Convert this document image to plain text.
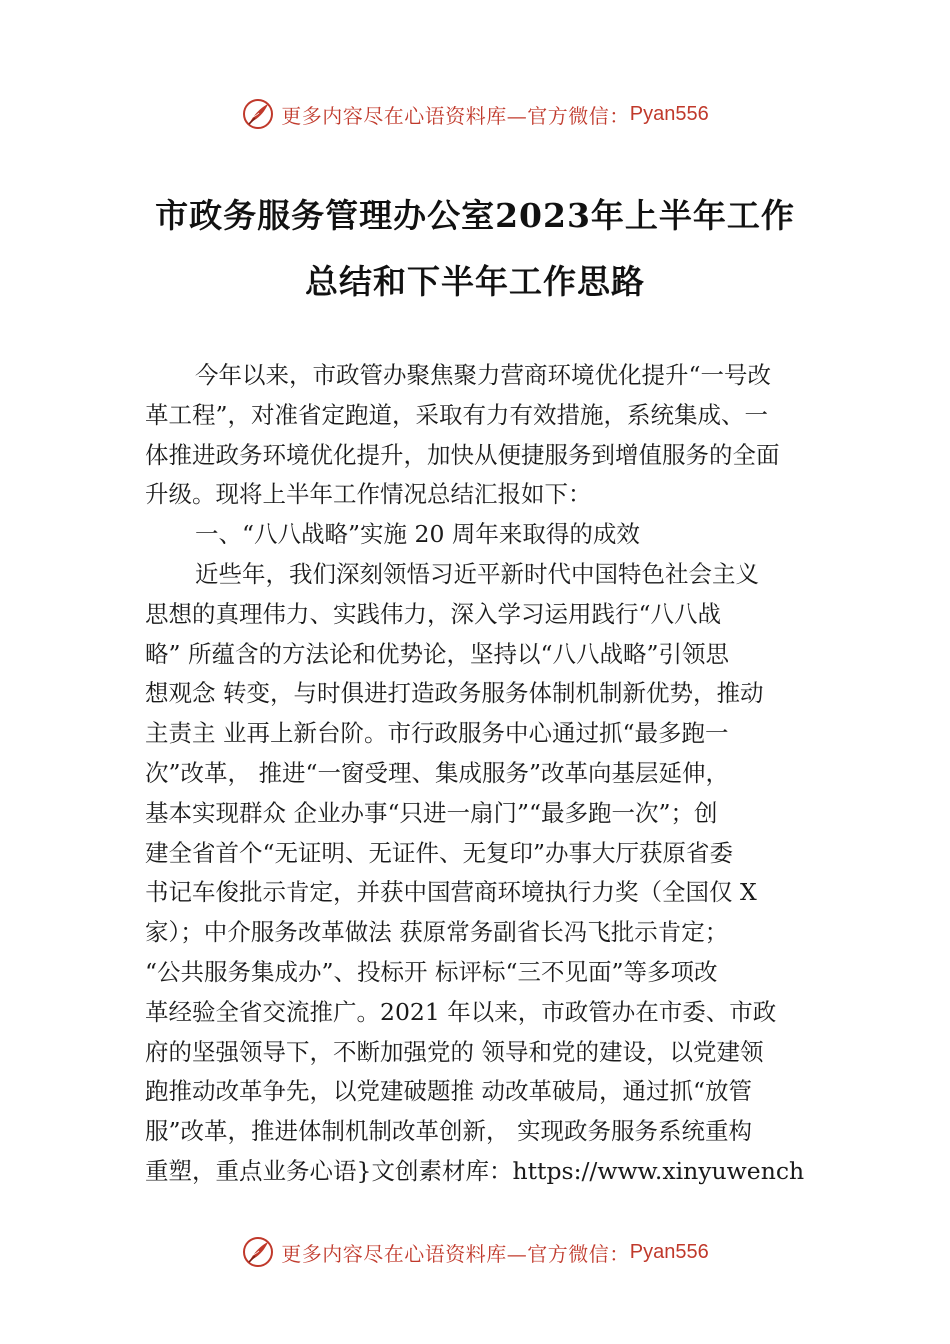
更多内容尽在心语资料库—官方微信： Pyan556
市政务服务管理办公室2023年上半年工作
总结和下半年工作思路
今年以来，市政管办聚焦聚力营商环境优化提升“一号改
革工程”，对准省定跑道，采取有力有效措施，系统集成、一
体推进政务环境优化提升，加快从便捷服务到增值服务的全面
升级。现将上半年工作情况总结汇报如下：
一、“八八战略”实施 20 周年来取得的成效
近些年，我们深刻领悟习近平新时代中国特色社会主义
思想的真理伟力、实践伟力，深入学习运用践行“八八战
略” 所蕴含的方法论和优势论，坚持以“八八战略”引领思
想观念 转变，与时俱进打造政务服务体制机制新优势，推动
主责主 业再上新台阶。市行政服务中心通过抓“最多跑一
次”改革， 推进“一窗受理、集成服务”改革向基层延伸，
基本实现群众 企业办事“只进一扇门”“最多跑一次”；创
建全省首个“无证明、无证件、无复印”办事大厅获原省委
书记车俊批示肯定，并获中国营商环境执行力奖（全国仅 X
家）；中介服务改革做法 获原常务副省长冯飞批示肯定；
“公共服务集成办”、投标开 标评标“三不见面”等多项改
革经验全省交流推广。2021 年以来，市政管办在市委、市政
府的坚强领导下，不断加强党的 领导和党的建设，以党建领
跑推动改革争先，以党建破题推 动改革破局，通过抓“放管
服”改革，推进体制机制改革创新， 实现政务服务系统重构
重塑，重点业务心语}文创素材库：https://www.xinyuwench
更多内容尽在心语资料库—官方微信： Pyan556
